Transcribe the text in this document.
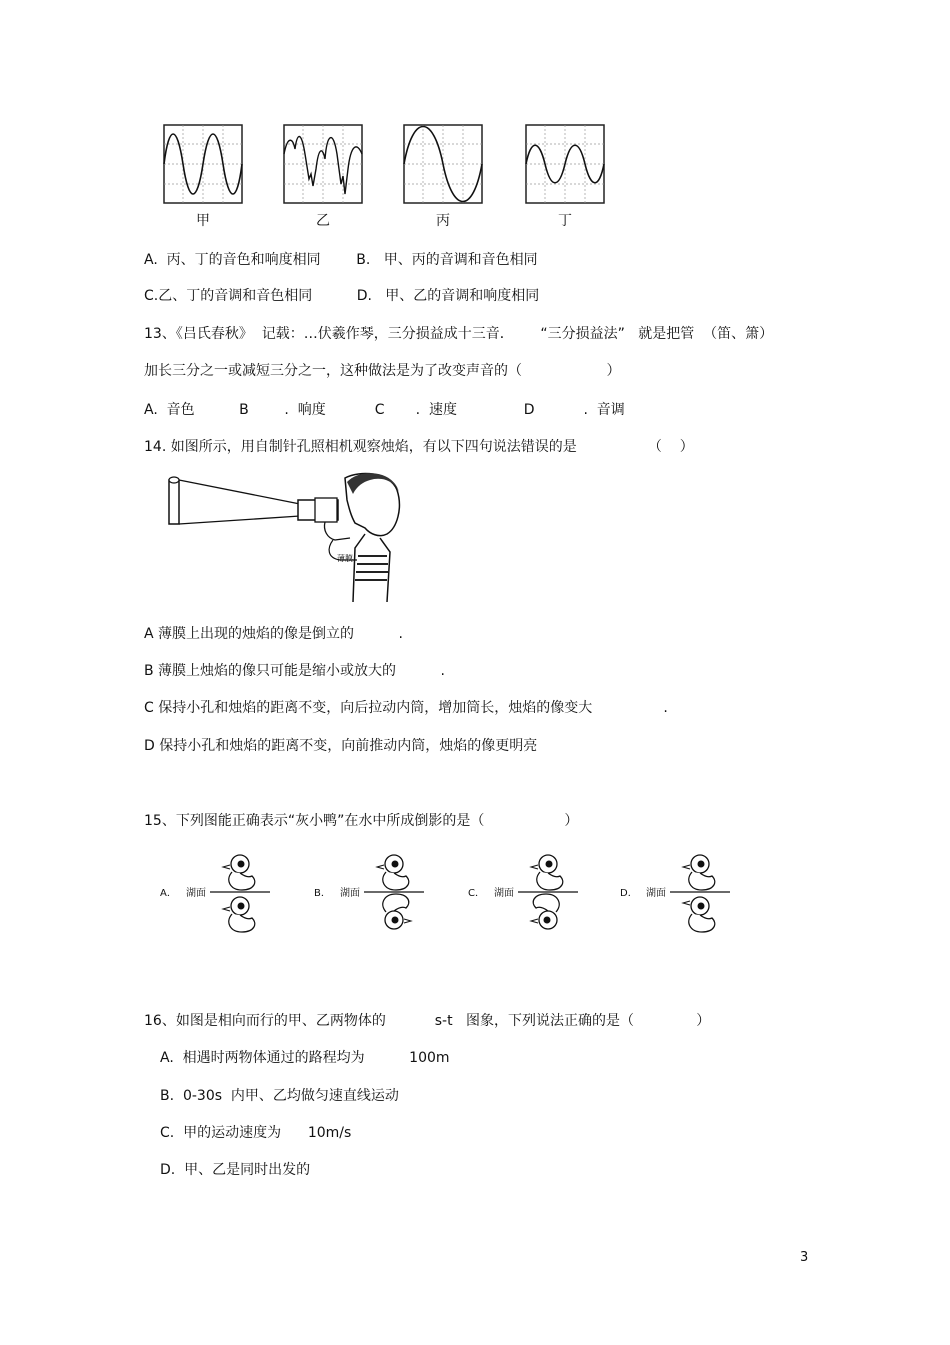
甲	乙	丙	丁
A.  丙、丁的音色和响度相同        B.   甲、丙的音调和音色相同
C.乙、丁的音调和音色相同          D.   甲、乙的音调和响度相同
13、《吕氏春秋》  记载：…伏羲作琴，三分损益成十三音．      “三分损益法”   就是把管  （笛、箫）
加长三分之一或减短三分之一，这种做法是为了改变声音的（                   ）
A.  音色          B        .  响度           C       .  速度               D           .  音调
14. 如图所示，用自制针孔照相机观察烛焰，有以下四句说法错误的是                （    ）
薄膜
A 薄膜上出现的烛焰的像是倒立的          .
B 薄膜上烛焰的像只可能是缩小或放大的          .
C 保持小孔和烛焰的距离不变，向后拉动内筒，增加筒长，烛焰的像变大                .
D 保持小孔和烛焰的距离不变，向前推动内筒，烛焰的像更明亮
15、下列图能正确表示“灰小鸭”在水中所成倒影的是（                  ）
A． 湖面	B． 湖面	C． 湖面	D． 湖面
16、如图是相向而行的甲、乙两物体的           s-t   图象，下列说法正确的是（              ）
A.  相遇时两物体通过的路程均为          100m
B.  0-30s  内甲、乙均做匀速直线运动
C.  甲的运动速度为      10m/s
D.  甲、乙是同时出发的
3
